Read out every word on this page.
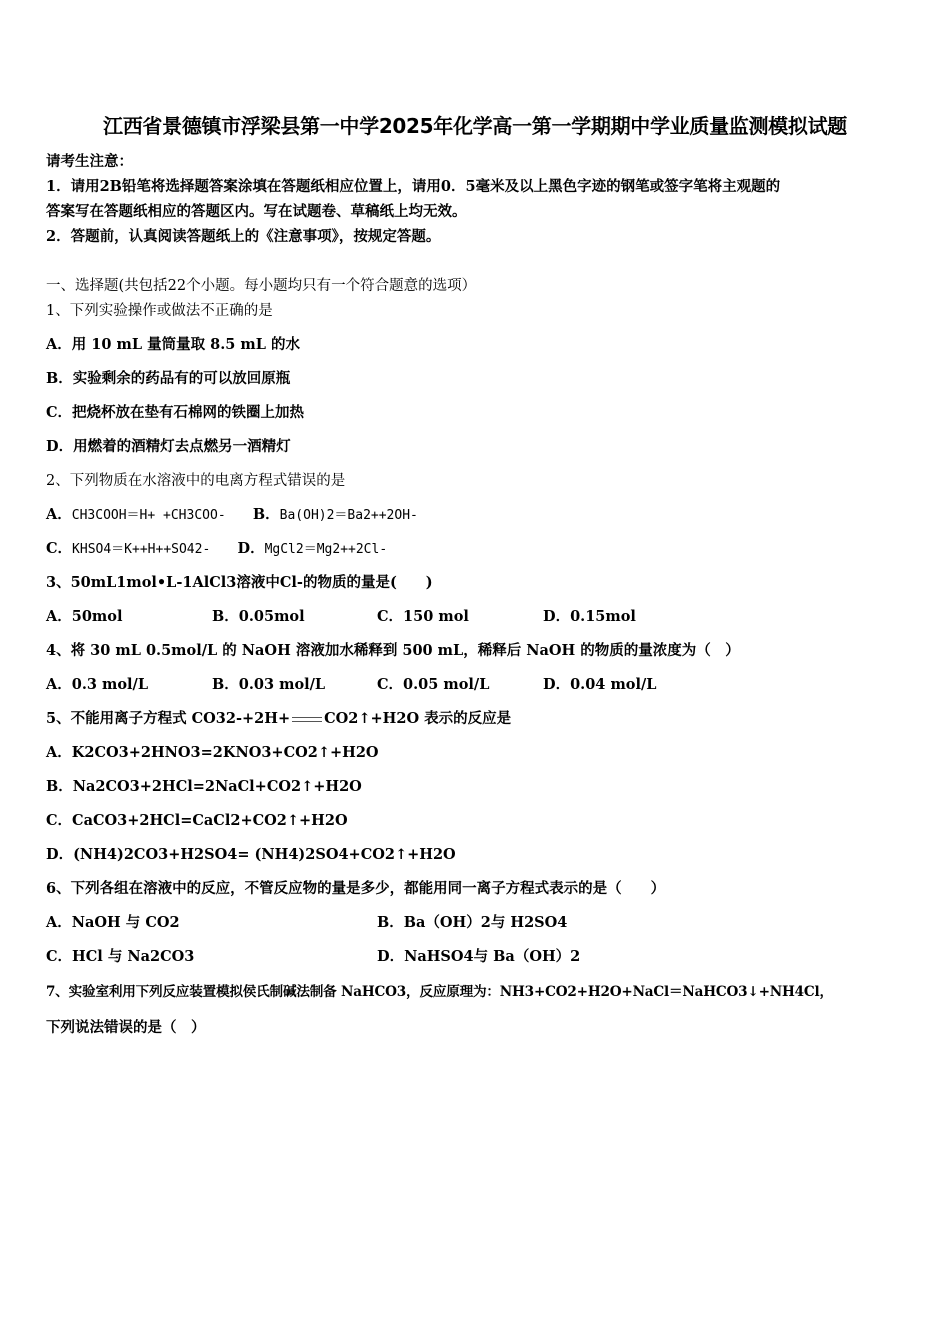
江西省景德镇市浮梁县第一中学2025年化学高一第一学期期中学业质量监测模拟试题
请考生注意：
1．请用2B铅笔将选择题答案涂填在答题纸相应位置上，请用0．5毫米及以上黑色字迹的钢笔或签字笔将主观题的
答案写在答题纸相应的答题区内。写在试题卷、草稿纸上均无效。
2．答题前，认真阅读答题纸上的《注意事项》，按规定答题。
一、选择题(共包括22个小题。每小题均只有一个符合题意的选项）
1、下列实验操作或做法不正确的是
A．用 10 mL 量筒量取 8.5 mL 的水
B．实验剩余的药品有的可以放回原瓶
C．把烧杯放在垫有石棉网的铁圈上加热
D．用燃着的酒精灯去点燃另一酒精灯
2、下列物质在水溶液中的电离方程式错误的是
A．CH3COOH＝H+ +CH3COO- B．Ba(OH)2＝Ba2++2OH-
C．KHSO4＝K++H++SO42- D．MgCl2＝Mg2++2Cl-
3、50mL1mol•L-1AlCl3溶液中Cl-的物质的量是(　　)
A．50mol	B．0.05mol	C．150 mol	D．0.15mol
4、将 30 mL 0.5mol/L 的 NaOH 溶液加水稀释到 500 mL，稀释后 NaOH 的物质的量浓度为（　）
A．0.3 mol/L	B．0.03 mol/L	C．0.05 mol/L	D．0.04 mol/L
5、不能用离子方程式 CO32-+2H+ CO2↑+H2O 表示的反应是
A．K2CO3+2HNO3=2KNO3+CO2↑+H2O
B．Na2CO3+2HCl=2NaCl+CO2↑+H2O
C．CaCO3+2HCl=CaCl2+CO2↑+H2O
D．(NH4)2CO3+H2SO4= (NH4)2SO4+CO2↑+H2O
6、下列各组在溶液中的反应，不管反应物的量是多少，都能用同一离子方程式表示的是（　　）
A．NaOH 与 CO2	B．Ba（OH）2与 H2SO4
C．HCl 与 Na2CO3	D．NaHSO4与 Ba（OH）2
7、实验室利用下列反应装置模拟侯氏制碱法制备 NaHCO3，反应原理为：NH3+CO2+H2O+NaCl＝NaHCO3↓+NH4Cl，
下列说法错误的是（　）
